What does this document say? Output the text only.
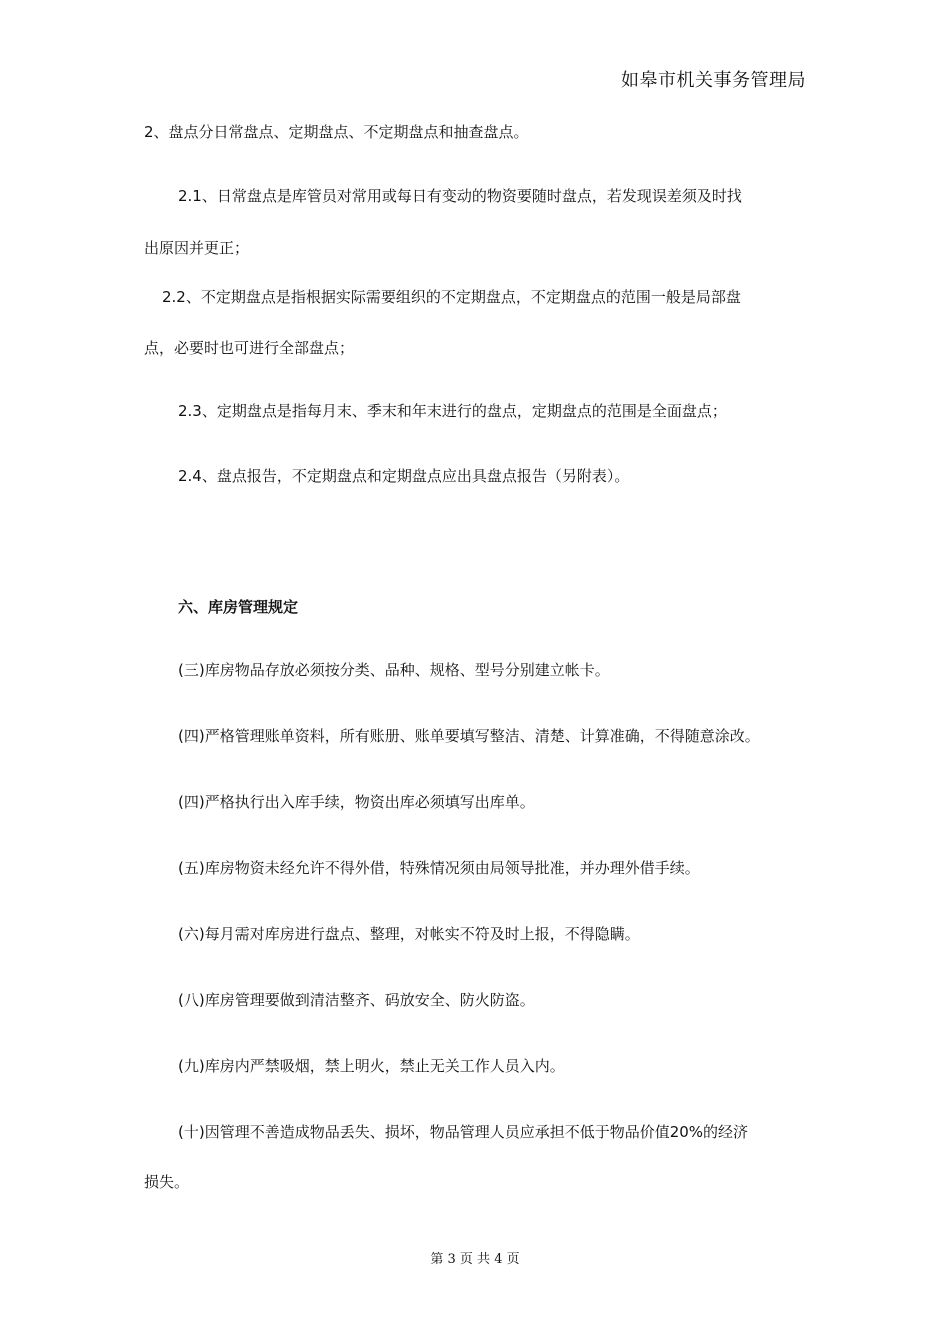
如皋市机关事务管理局
2、盘点分日常盘点、定期盘点、不定期盘点和抽查盘点。
2.1、日常盘点是库管员对常用或每日有变动的物资要随时盘点，若发现误差须及时找
出原因并更正；
2.2、不定期盘点是指根据实际需要组织的不定期盘点，不定期盘点的范围一般是局部盘
点，必要时也可进行全部盘点；
2.3、定期盘点是指每月末、季末和年末进行的盘点，定期盘点的范围是全面盘点；
2.4、盘点报告，不定期盘点和定期盘点应出具盘点报告（另附表）。
六、库房管理规定
(三)库房物品存放必须按分类、品种、规格、型号分别建立帐卡。
(四)严格管理账单资料，所有账册、账单要填写整洁、清楚、计算准确，不得随意涂改。
(四)严格执行出入库手续，物资出库必须填写出库单。
(五)库房物资未经允许不得外借，特殊情况须由局领导批准，并办理外借手续。
(六)每月需对库房进行盘点、整理，对帐实不符及时上报，不得隐瞒。
(八)库房管理要做到清洁整齐、码放安全、防火防盗。
(九)库房内严禁吸烟，禁上明火，禁止无关工作人员入内。
(十)因管理不善造成物品丢失、损坏，物品管理人员应承担不低于物品价值20%的经济
损失。
第 3 页 共 4 页
